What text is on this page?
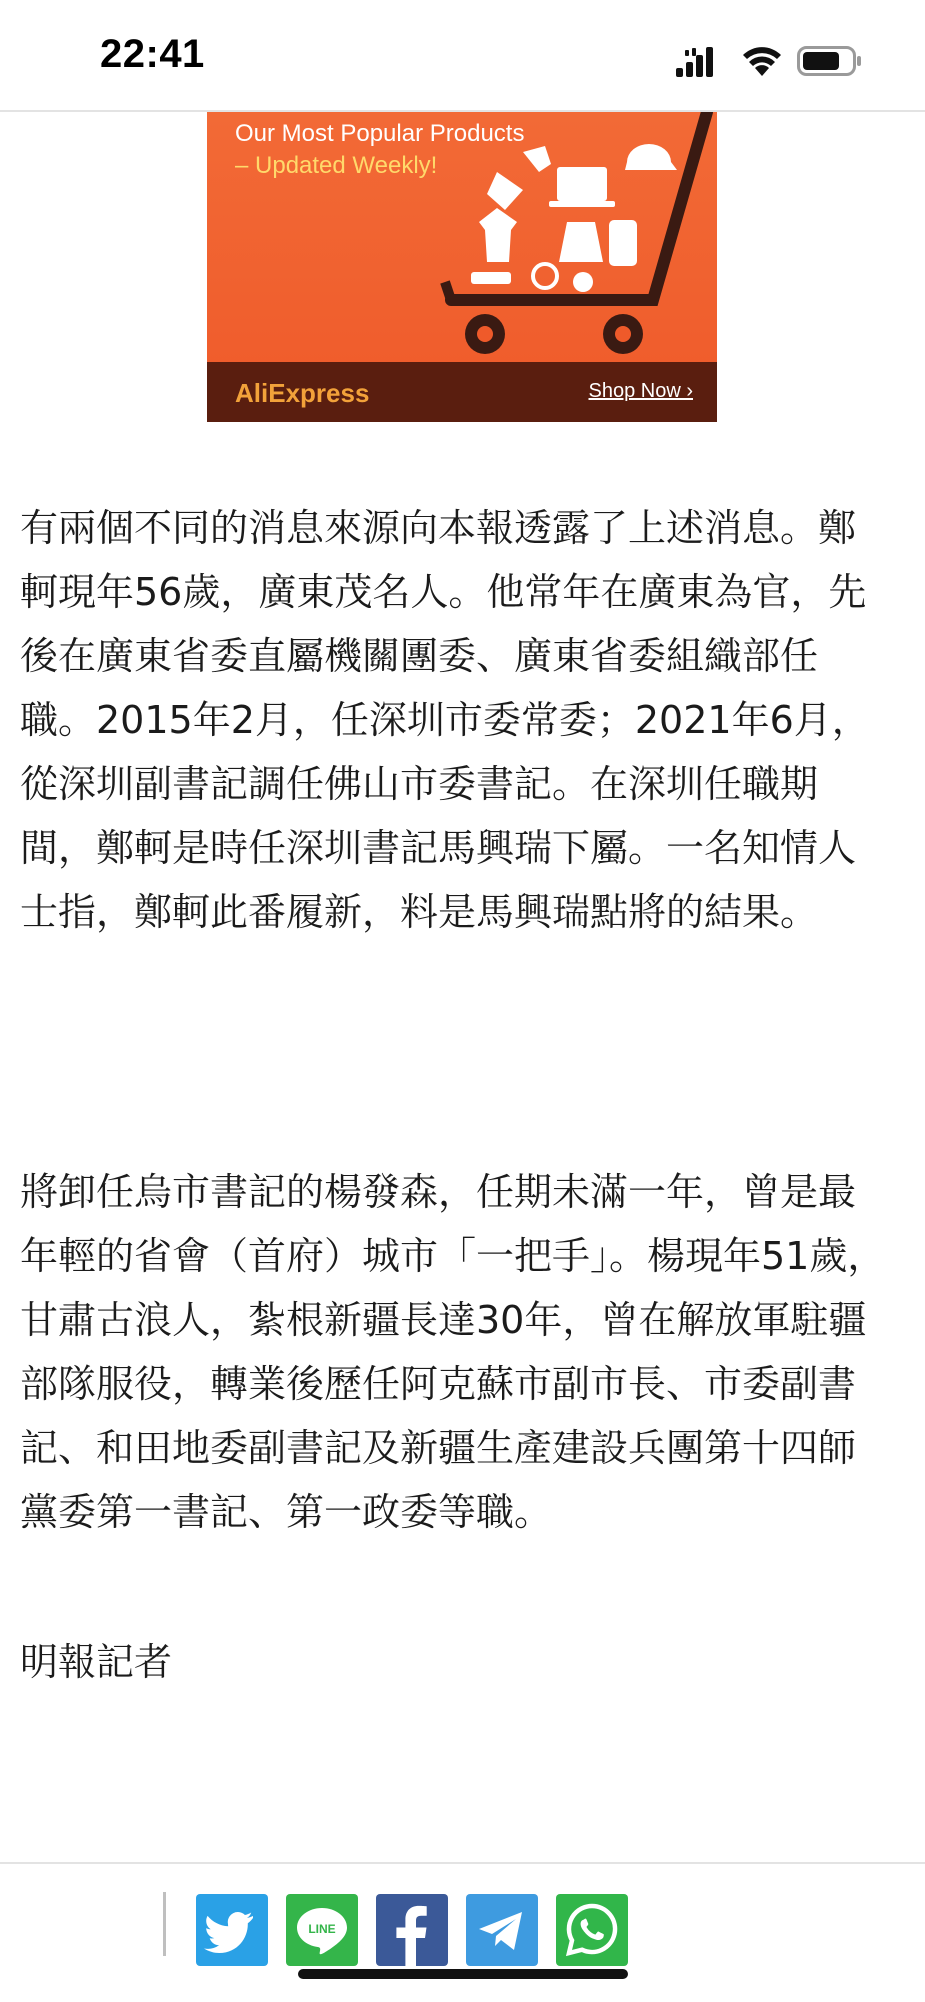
22:41
Our Most Popular Products
– Updated Weekly!
AliExpress	Shop Now ›

有兩個不同的消息來源向本報透露了上述消息。鄭軻現年56歲，廣東茂名人。他常年在廣東為官，先後在廣東省委直屬機關團委、廣東省委組織部任職。2015年2月，任深圳市委常委；2021年6月，從深圳副書記調任佛山市委書記。在深圳任職期間，鄭軻是時任深圳書記馬興瑞下屬。一名知情人士指，鄭軻此番履新，料是馬興瑞點將的結果。

將卸任烏市書記的楊發森，任期未滿一年，曾是最年輕的省會（首府）城市「一把手」。楊現年51歲，甘肅古浪人，紮根新疆長達30年，曾在解放軍駐疆部隊服役，轉業後歷任阿克蘇市副市長、市委副書記、和田地委副書記及新疆生產建設兵團第十四師黨委第一書記、第一政委等職。

明報記者

LINE
